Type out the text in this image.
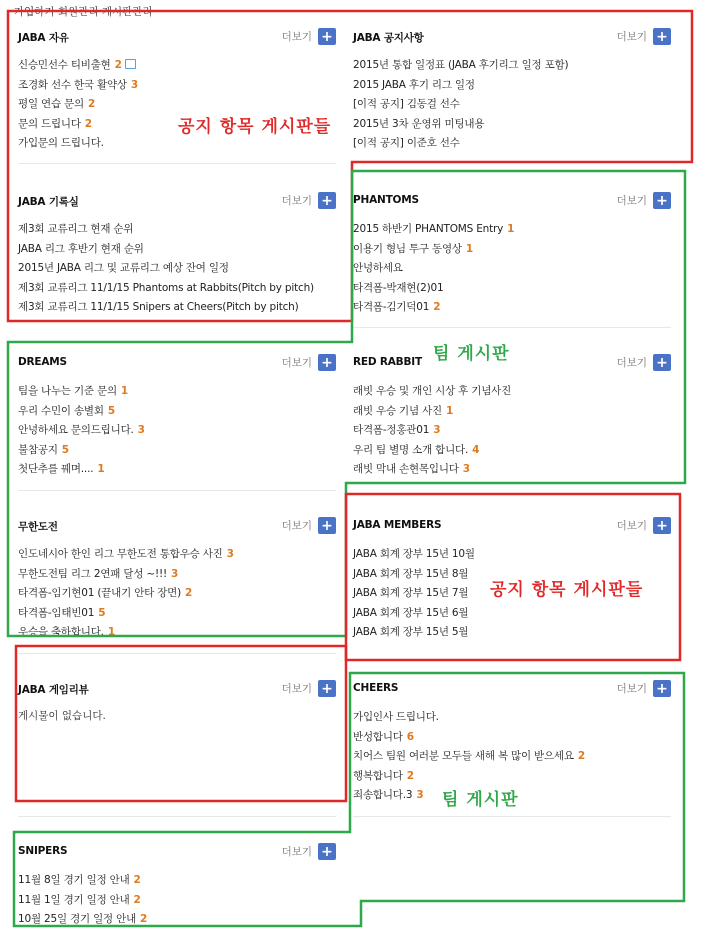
가입하기 회원관리 게시판관리
JABA 자유	더보기 +
신승민선수 티비출현 2
조경화 선수 한국 활약상 3
평일 연습 문의 2
문의 드립니다 2
가입문의 드립니다.
JABA 공지사항	더보기 +
2015년 통합 일정표 (JABA 후기리그 일정 포함)
2015 JABA 후기 리그 일정
[이적 공지] 김동걸 선수
2015년 3차 운영위 미팅내용
[이적 공지] 이준호 선수
JABA 기록실	더보기 +
제3회 교류리그 현재 순위
JABA 리그 후반기 현재 순위
2015년 JABA 리그 및 교류리그 예상 잔여 일정
제3회 교류리그 11/1/15 Phantoms at Rabbits(Pitch by pitch)
제3회 교류리그 11/1/15 Snipers at Cheers(Pitch by pitch)
PHANTOMS	더보기 +
2015 하반기 PHANTOMS Entry 1
이용기 형님 투구 동영상 1
안녕하세요
타격폼-박재현(2)01
타격폼-김기덕01 2
DREAMS	더보기 +
팀을 나누는 기준 문의 1
우리 수민이 송별회 5
안녕하세요 문의드립니다. 3
불참공지 5
첫단추를 꿰며.... 1
RED RABBIT	더보기 +
래빗 우승 및 개인 시상 후 기념사진
래빗 우승 기념 사진 1
타격폼-정홍관01 3
우리 팀 별명 소개 합니다. 4
래빗 막내 손현목입니다 3
무한도전	더보기 +
인도네시아 한인 리그 무한도전 통합우승 사진 3
무한도전팀 리그 2연패 달성 ~!!! 3
타격폼-임기현01 (끝내기 안타 장면) 2
타격폼-임태빈01 5
우승을 축하합니다. 1
JABA MEMBERS	더보기 +
JABA 회계 장부 15년 10월
JABA 회계 장부 15년 8월
JABA 회계 장부 15년 7월
JABA 회계 장부 15년 6월
JABA 회계 장부 15년 5월
JABA 게임리뷰	더보기 +
게시물이 없습니다.
CHEERS	더보기 +
가입인사 드립니다.
반성합니다 6
치어스 팀원 여러분 모두들 새해 복 많이 받으세요 2
행복합니다 2
죄송합니다.3 3
SNIPERS	더보기 +
11월 8일 경기 일정 안내 2
11월 1일 경기 일정 안내 2
10월 25일 경기 일정 안내 2
공지 항목 게시판들
팀 게시판
공지 항목 게시판들
팀 게시판
